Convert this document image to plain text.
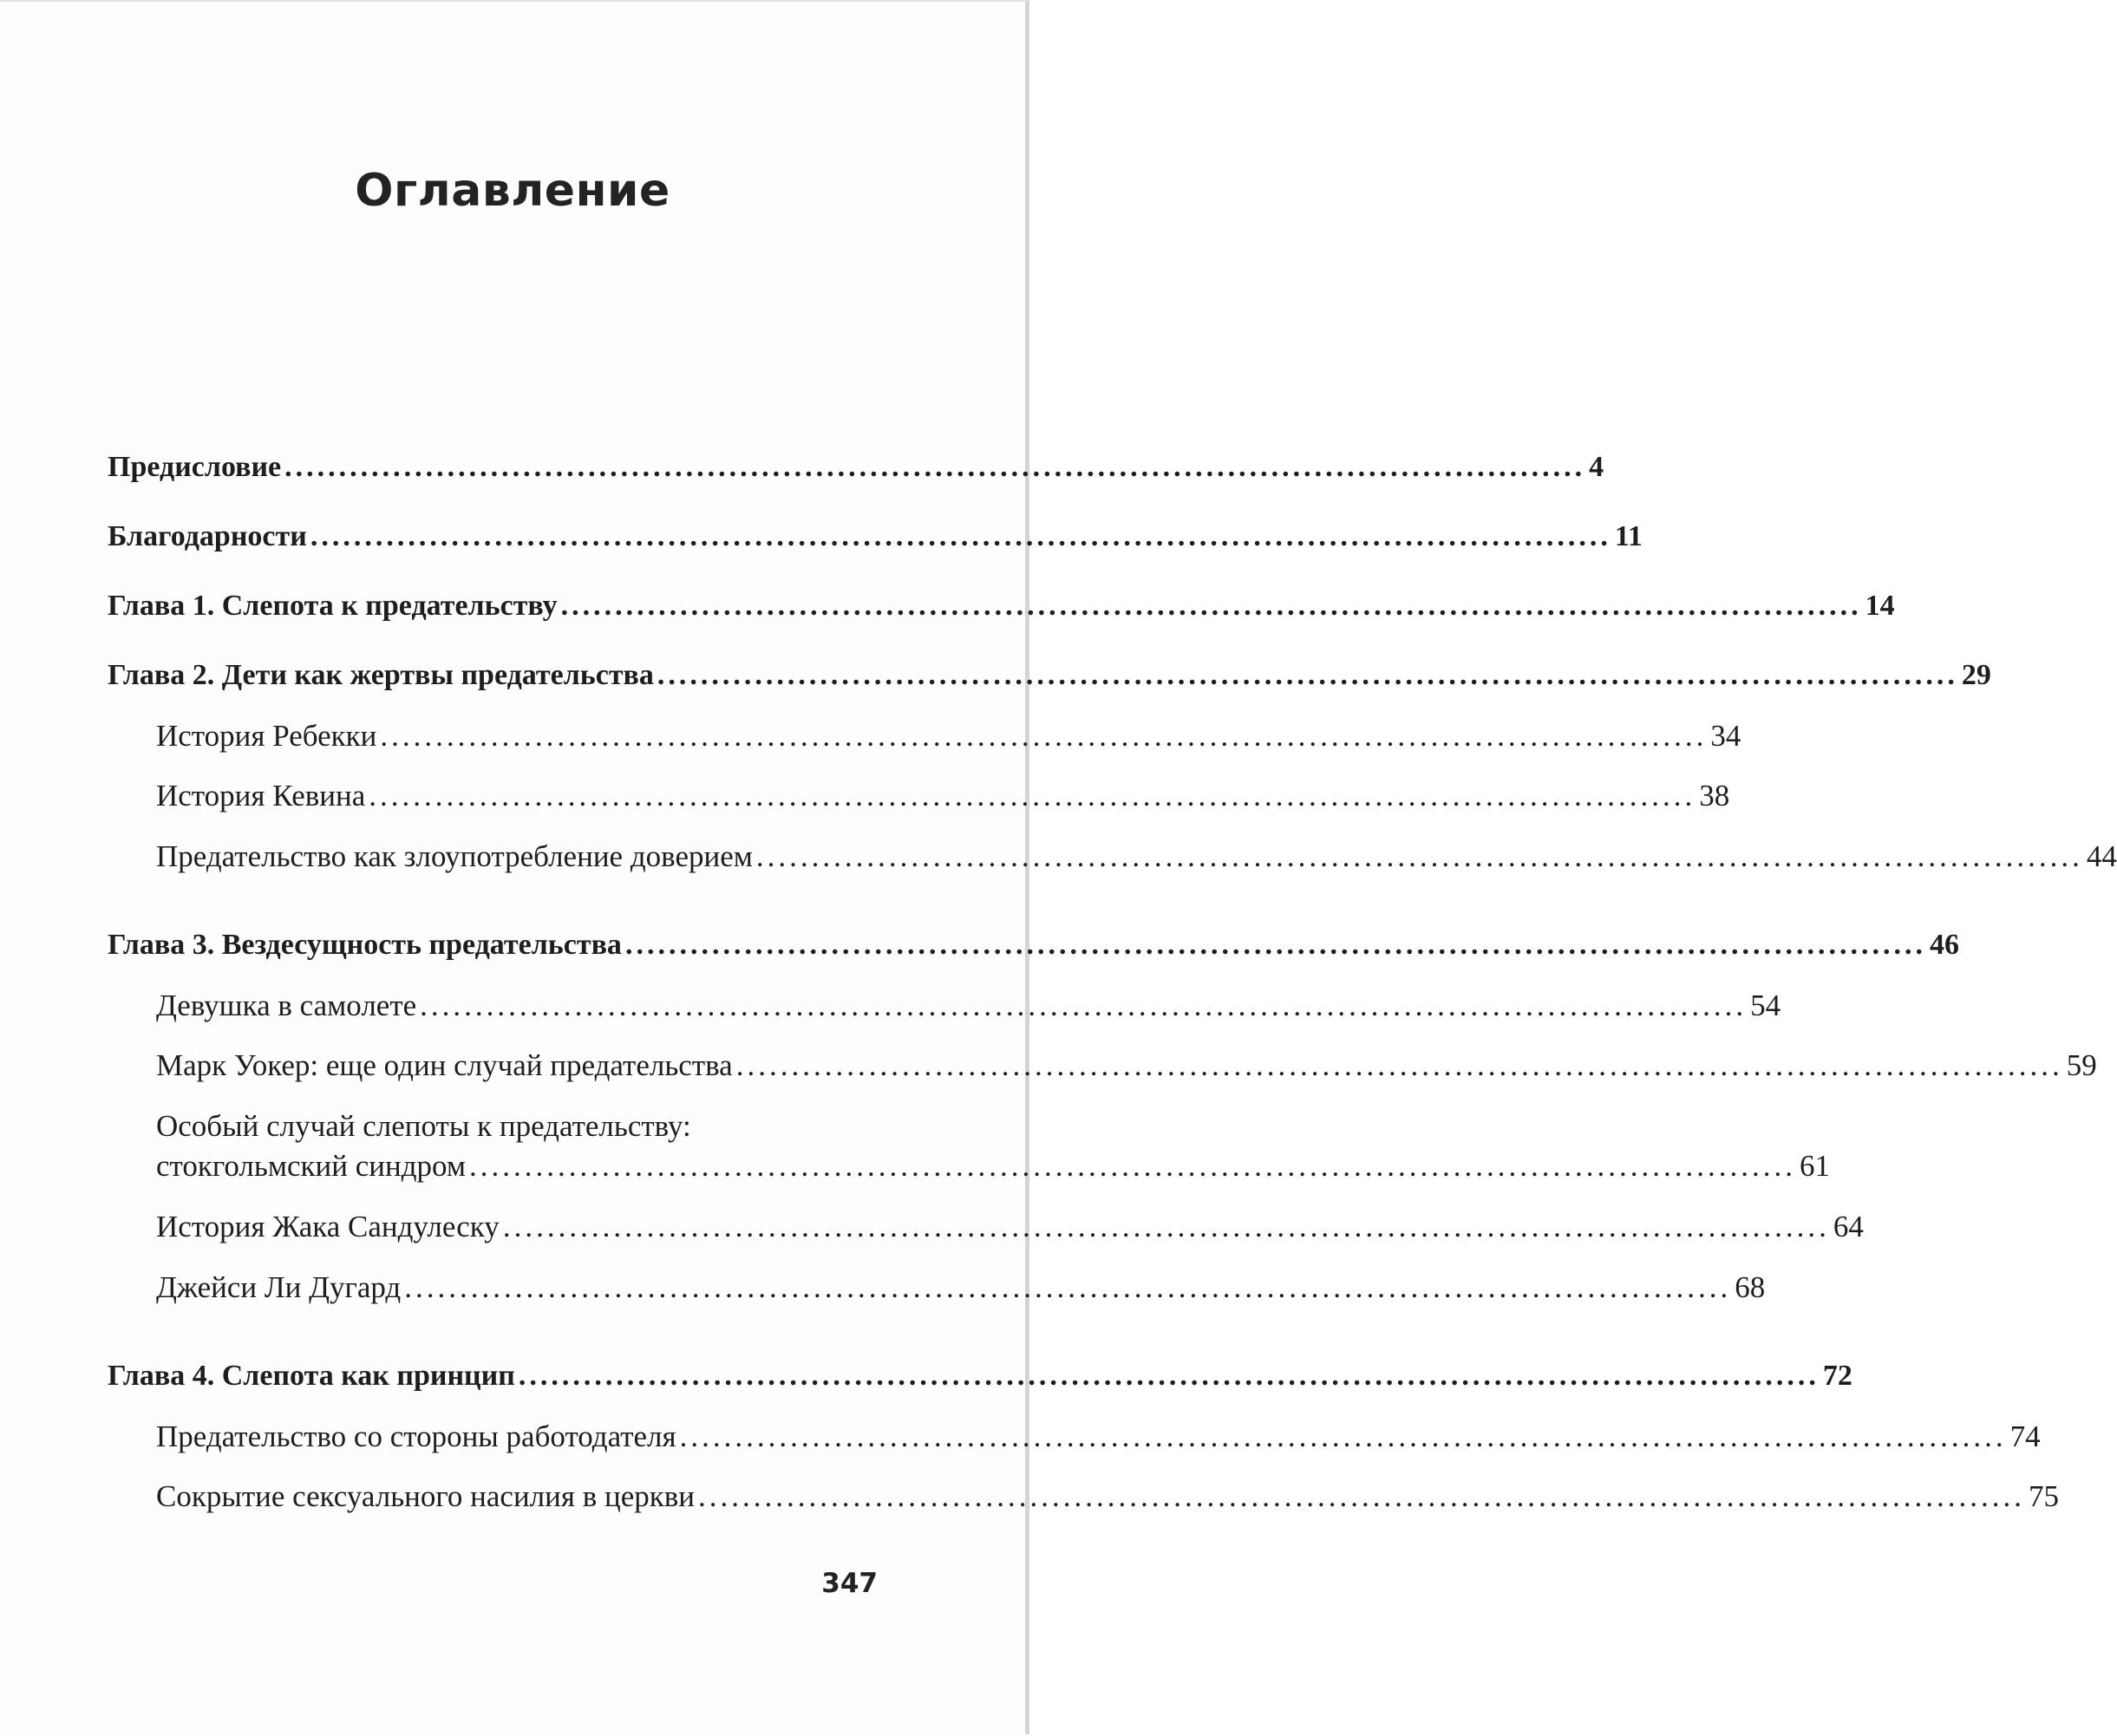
Оглавление
Предисловие ........................................................................................................................ 4
Благодарности ........................................................................................................................ 11
Глава 1. Слепота к предательству ........................................................................................................................ 14
Глава 2. Дети как жертвы предательства ........................................................................................................................ 29
История Ребекки ........................................................................................................................ 34
История Кевина ........................................................................................................................ 38
Предательство как злоупотребление доверием ........................................................................................................................ 44
Глава 3. Вездесущность предательства ........................................................................................................................ 46
Девушка в самолете ........................................................................................................................ 54
Марк Уокер: еще один случай предательства ........................................................................................................................ 59
Особый случай слепоты к предательству:
стокгольмский синдром ........................................................................................................................ 61
История Жака Сандулеску ........................................................................................................................ 64
Джейси Ли Дугард ........................................................................................................................ 68
Глава 4. Слепота как принцип ........................................................................................................................ 72
Предательство со стороны работодателя ........................................................................................................................ 74
Сокрытие сексуального насилия в церкви ........................................................................................................................ 75
347
